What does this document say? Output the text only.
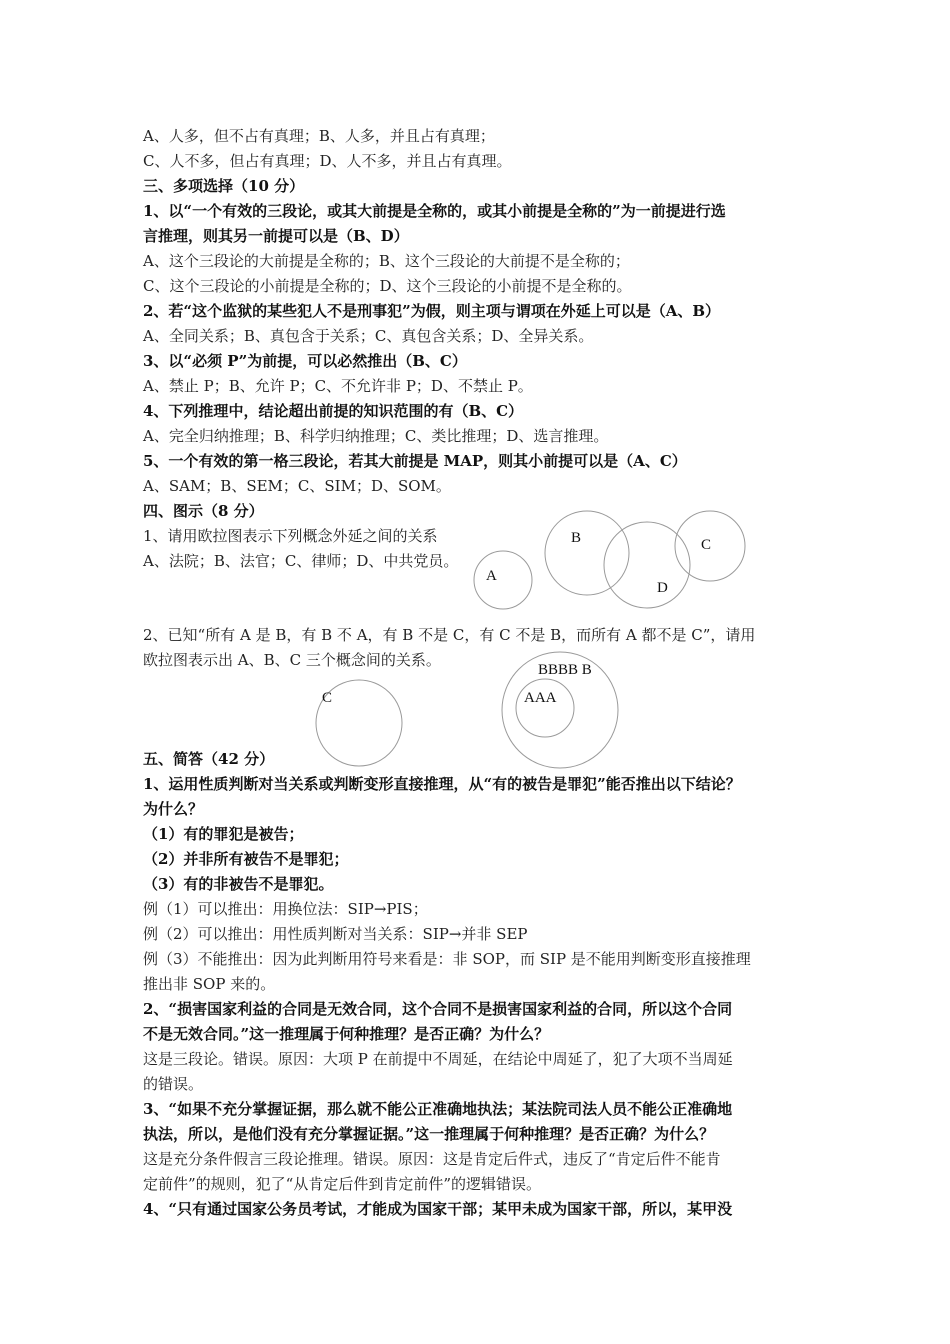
A、人多，但不占有真理；B、人多，并且占有真理；

C、人不多，但占有真理；D、人不多，并且占有真理。

三、多项选择（10 分）

1、以“一个有效的三段论，或其大前提是全称的，或其小前提是全称的”为一前提进行选

言推理，则其另一前提可以是（B、D）

A、这个三段论的大前提是全称的；B、这个三段论的大前提不是全称的；

C、这个三段论的小前提是全称的；D、这个三段论的小前提不是全称的。

2、若“这个监狱的某些犯人不是刑事犯”为假，则主项与谓项在外延上可以是（A、B）

A、全同关系；B、真包含于关系；C、真包含关系；D、全异关系。

3、以“必须 P”为前提，可以必然推出（B、C）

A、禁止 P；B、允许 P；C、不允许非 P；D、不禁止 P。

4、下列推理中，结论超出前提的知识范围的有（B、C）

A、完全归纳推理；B、科学归纳推理；C、类比推理；D、选言推理。

5、一个有效的第一格三段论，若其大前提是 MAP，则其小前提可以是（A、C）

A、SAM；B、SEM；C、SIM；D、SOM。

四、图示（8 分）

1、请用欧拉图表示下列概念外延之间的关系

A、法院；B、法官；C、律师；D、中共党员。

B	C
A
D

2、已知“所有 A 是 B，有 B 不 A，有 B 不是 C，有 C 不是 B，而所有 A 都不是 C”，请用

欧拉图表示出 A、B、C 三个概念间的关系。

C
BBBB B
AAA

五、简答（42 分）

1、运用性质判断对当关系或判断变形直接推理，从“有的被告是罪犯”能否推出以下结论？

为什么？

（1）有的罪犯是被告；

（2）并非所有被告不是罪犯；

（3）有的非被告不是罪犯。

例（1）可以推出：用换位法：SIP→PIS；

例（2）可以推出：用性质判断对当关系：SIP→并非 SEP

例（3）不能推出：因为此判断用符号来看是：非 SOP，而 SIP 是不能用判断变形直接推理

推出非 SOP 来的。

2、“损害国家利益的合同是无效合同，这个合同不是损害国家利益的合同，所以这个合同

不是无效合同。”这一推理属于何种推理？是否正确？为什么？

这是三段论。错误。原因：大项 P 在前提中不周延，在结论中周延了，犯了大项不当周延

的错误。

3、“如果不充分掌握证据，那么就不能公正准确地执法；某法院司法人员不能公正准确地

执法，所以，是他们没有充分掌握证据。”这一推理属于何种推理？是否正确？为什么？

这是充分条件假言三段论推理。错误。原因：这是肯定后件式，违反了“肯定后件不能肯

定前件”的规则，犯了“从肯定后件到肯定前件”的逻辑错误。

4、“只有通过国家公务员考试，才能成为国家干部；某甲未成为国家干部，所以，某甲没
